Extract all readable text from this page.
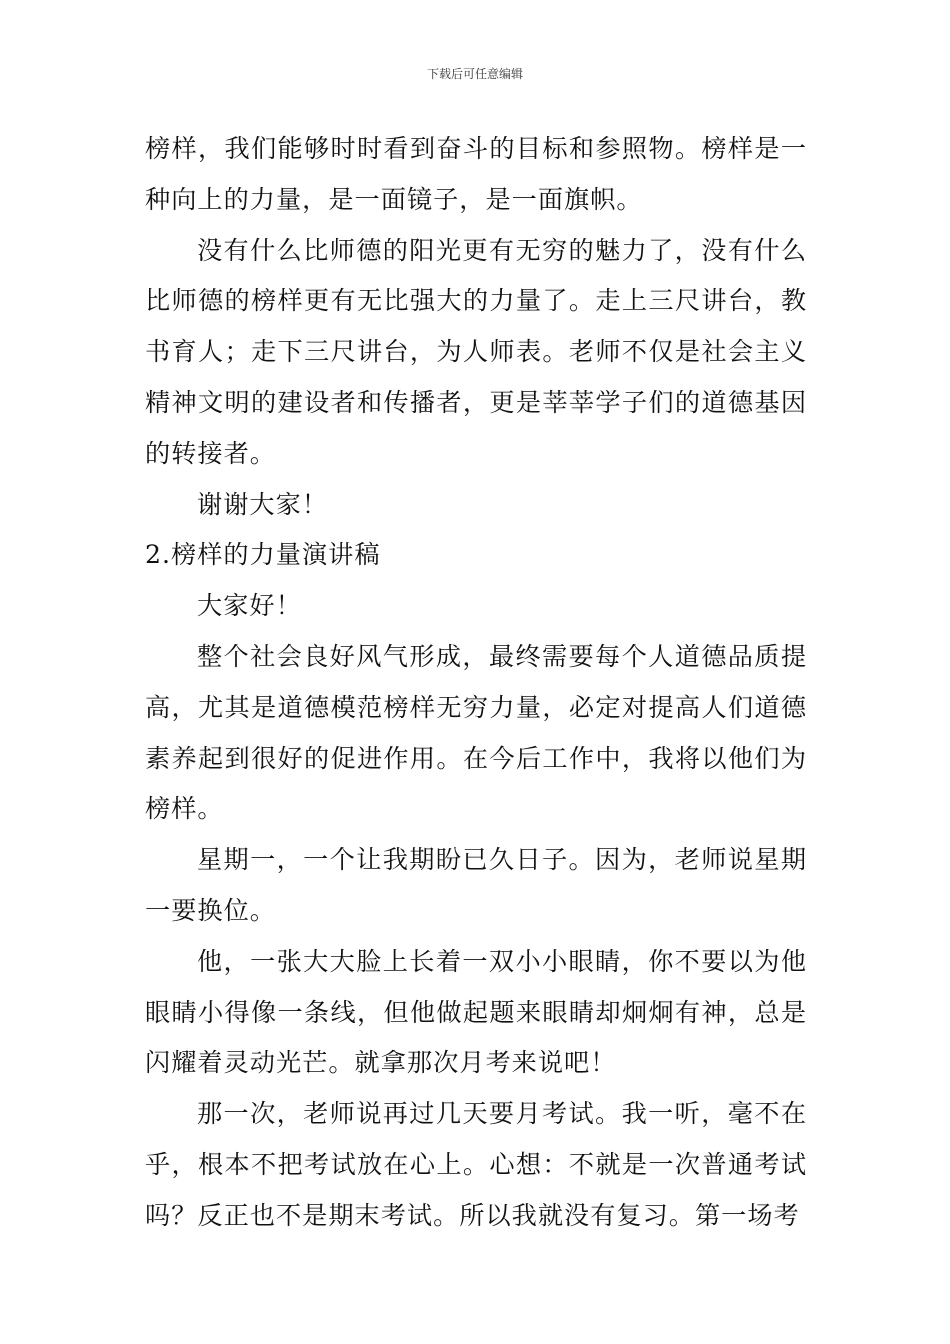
下载后可任意编辑

榜样，我们能够时时看到奋斗的目标和参照物。榜样是一种向上的力量，是一面镜子，是一面旗帜。

没有什么比师德的阳光更有无穷的魅力了，没有什么比师德的榜样更有无比强大的力量了。走上三尺讲台，教书育人；走下三尺讲台，为人师表。老师不仅是社会主义精神文明的建设者和传播者，更是莘莘学子们的道德基因的转接者。

谢谢大家！

2.榜样的力量演讲稿

大家好！

整个社会良好风气形成，最终需要每个人道德品质提高，尤其是道德模范榜样无穷力量，必定对提高人们道德素养起到很好的促进作用。在今后工作中，我将以他们为榜样。

星期一，一个让我期盼已久日子。因为，老师说星期一要换位。

他，一张大大脸上长着一双小小眼睛，你不要以为他眼睛小得像一条线，但他做起题来眼睛却炯炯有神，总是闪耀着灵动光芒。就拿那次月考来说吧！

那一次，老师说再过几天要月考试。我一听，毫不在乎，根本不把考试放在心上。心想：不就是一次普通考试吗？反正也不是期末考试。所以我就没有复习。第一场考
